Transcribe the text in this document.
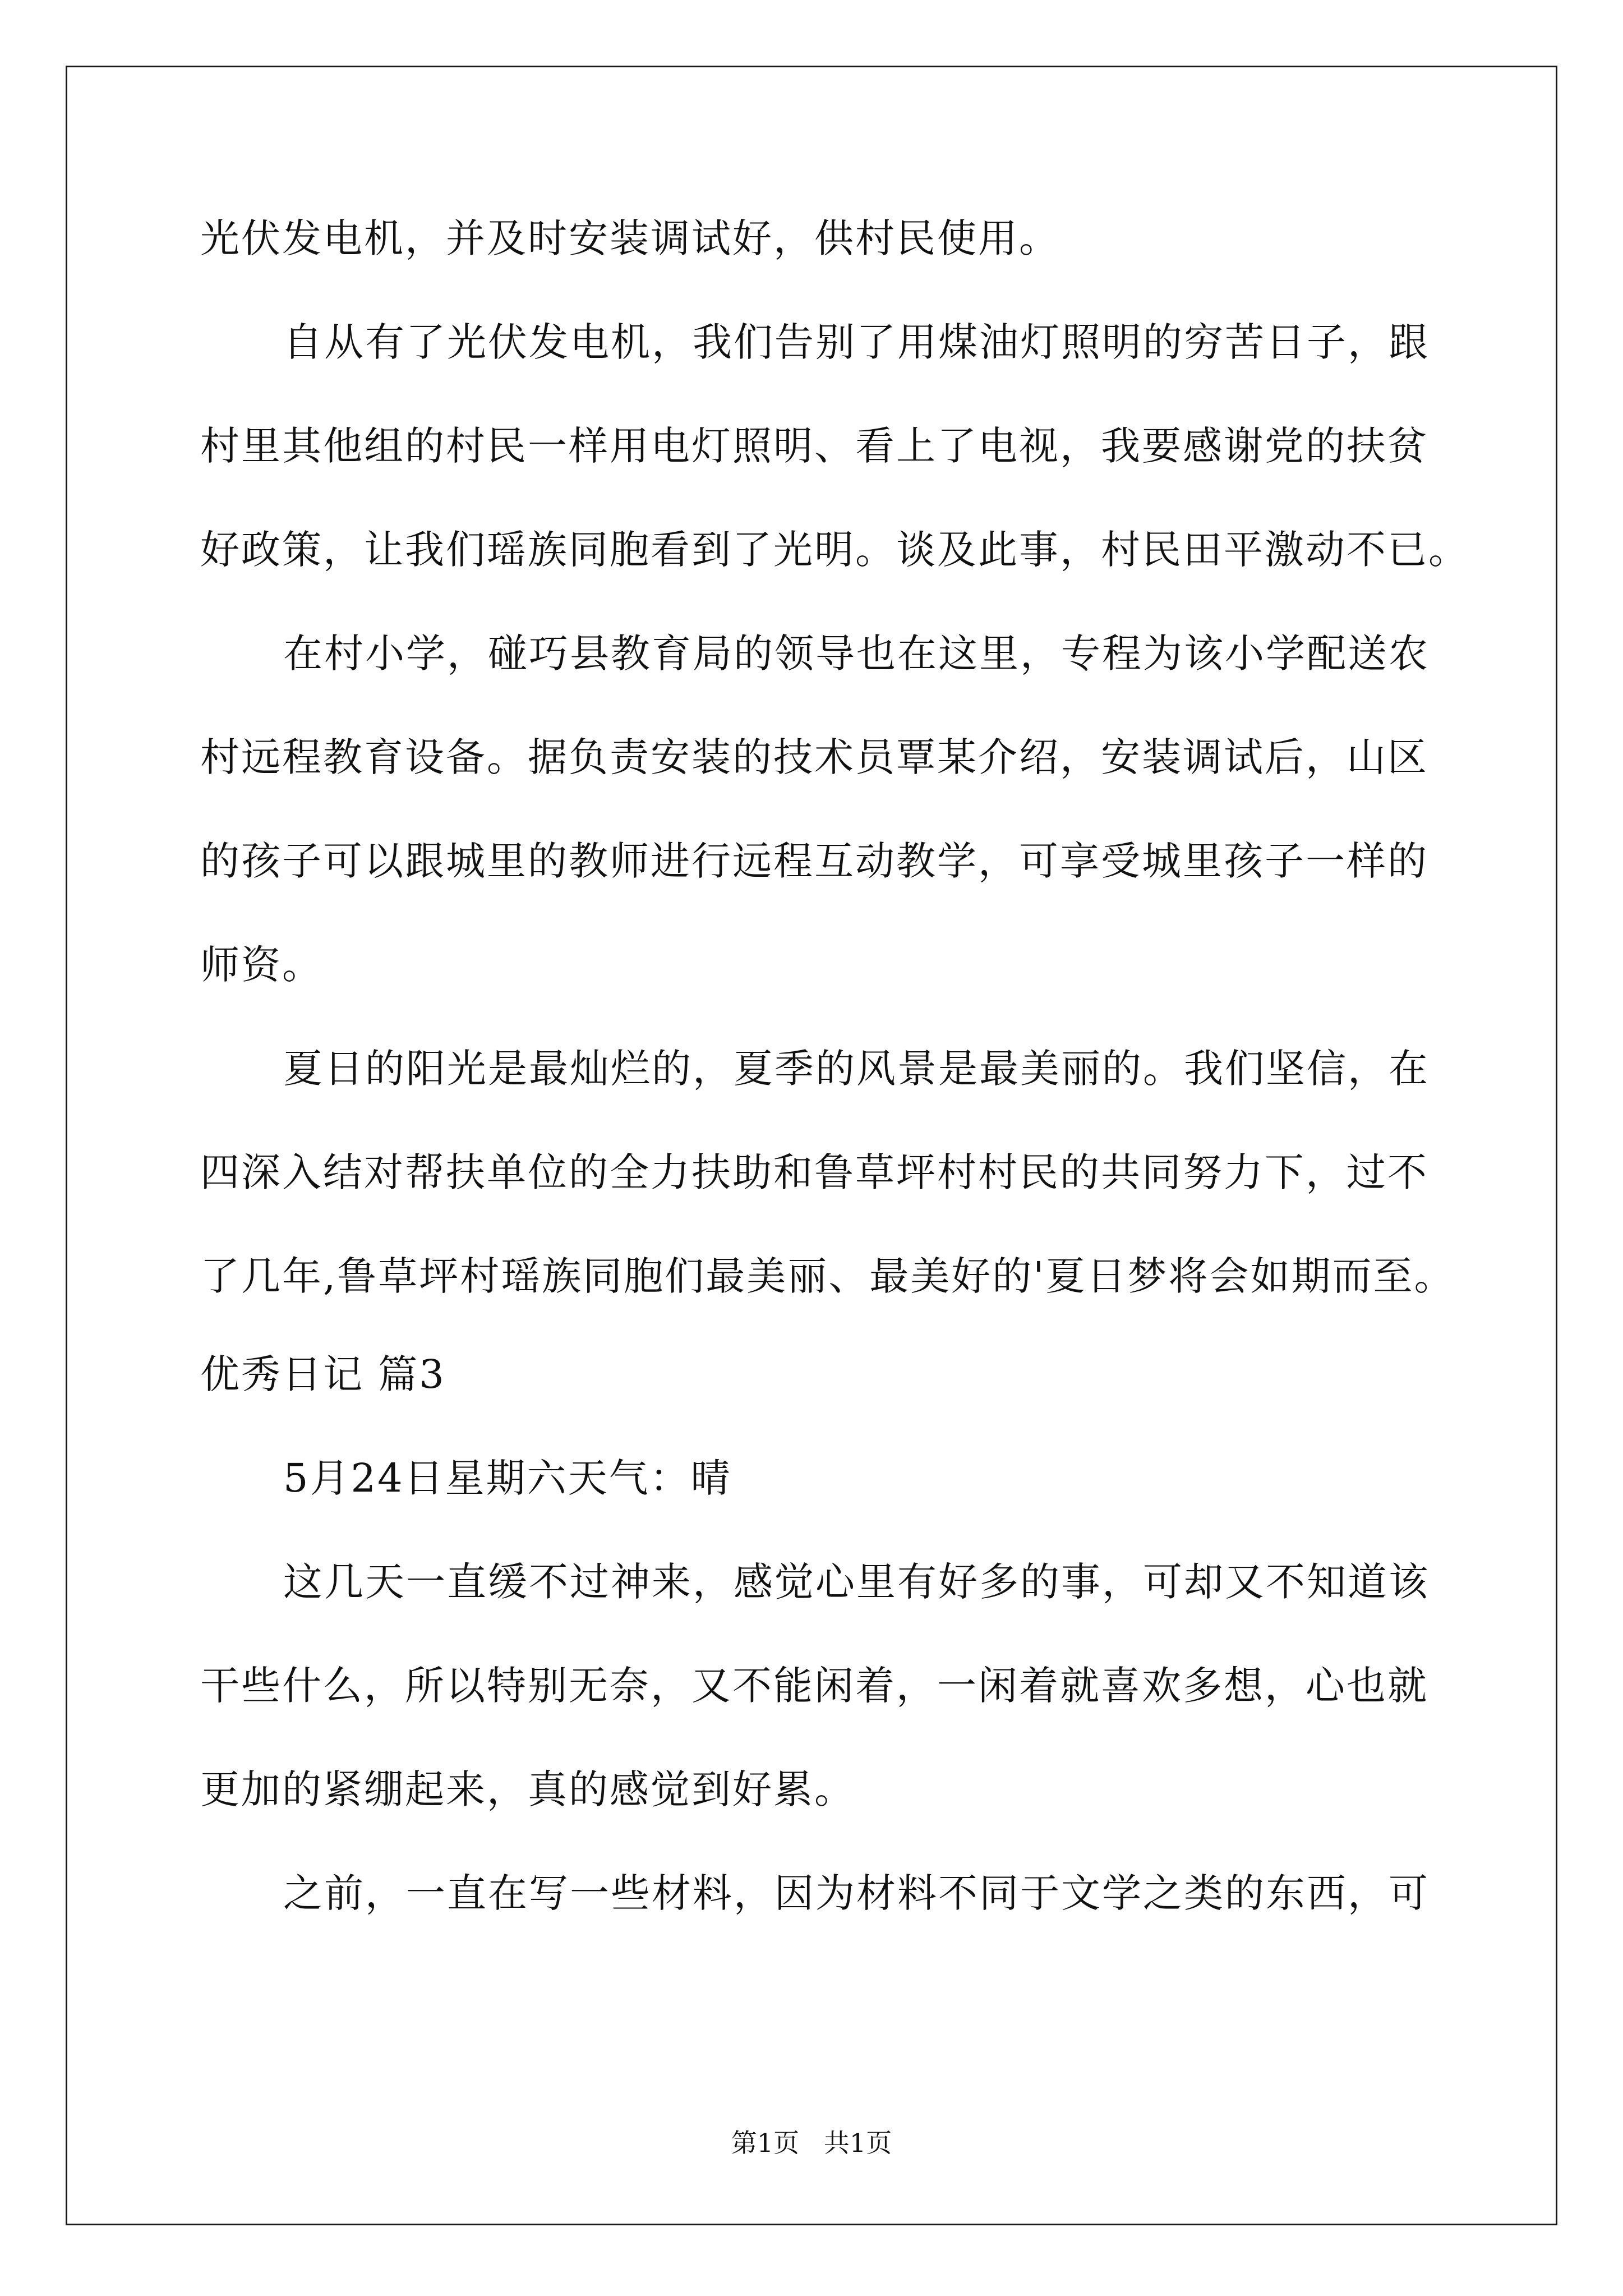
光伏发电机，并及时安装调试好，供村民使用。
自从有了光伏发电机，我们告别了用煤油灯照明的穷苦日子，跟
村里其他组的村民一样用电灯照明、看上了电视，我要感谢党的扶贫
好政策，让我们瑶族同胞看到了光明。谈及此事，村民田平激动不已。
在村小学，碰巧县教育局的领导也在这里，专程为该小学配送农
村远程教育设备。据负责安装的技术员覃某介绍，安装调试后，山区
的孩子可以跟城里的教师进行远程互动教学，可享受城里孩子一样的
师资。
夏日的阳光是最灿烂的，夏季的风景是最美丽的。我们坚信，在
四深入结对帮扶单位的全力扶助和鲁草坪村村民的共同努力下，过不
了几年,鲁草坪村瑶族同胞们最美丽、最美好的'夏日梦将会如期而至。
优秀日记 篇3
5月24日星期六天气：晴
这几天一直缓不过神来，感觉心里有好多的事，可却又不知道该
干些什么，所以特别无奈，又不能闲着，一闲着就喜欢多想，心也就
更加的紧绷起来，真的感觉到好累。
之前，一直在写一些材料，因为材料不同于文学之类的东西，可
第1页   共1页
